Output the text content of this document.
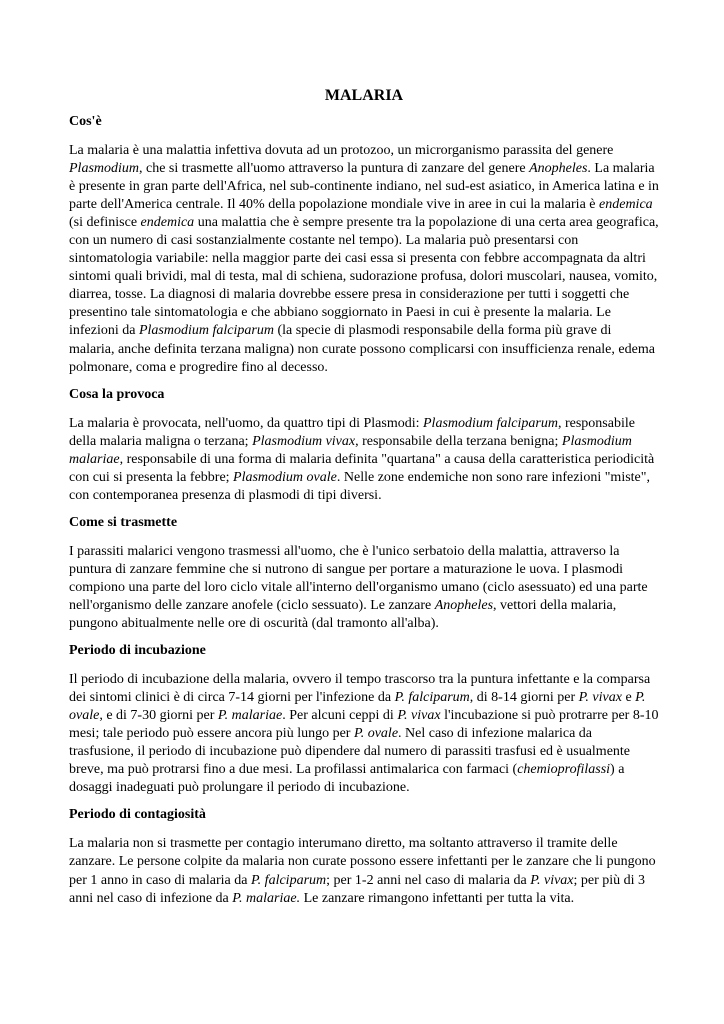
MALARIA
Cos'è

La malaria è una malattia infettiva dovuta ad un protozoo, un microrganismo parassita del genere Plasmodium, che si trasmette all'uomo attraverso la puntura di zanzare del genere Anopheles. La malaria è presente in gran parte dell'Africa, nel sub-continente indiano, nel sud-est asiatico, in America latina e in parte dell'America centrale. Il 40% della popolazione mondiale vive in aree in cui la malaria è endemica (si definisce endemica una malattia che è sempre presente tra la popolazione di una certa area geografica, con un numero di casi sostanzialmente costante nel tempo). La malaria può presentarsi con sintomatologia variabile: nella maggior parte dei casi essa si presenta con febbre accompagnata da altri sintomi quali brividi, mal di testa, mal di schiena, sudorazione profusa, dolori muscolari, nausea, vomito, diarrea, tosse. La diagnosi di malaria dovrebbe essere presa in considerazione per tutti i soggetti che presentino tale sintomatologia e che abbiano soggiornato in Paesi in cui è presente la malaria. Le infezioni da Plasmodium falciparum (la specie di plasmodi responsabile della forma più grave di malaria, anche definita terzana maligna) non curate possono complicarsi con insufficienza renale, edema polmonare, coma e progredire fino al decesso.

Cosa la provoca

La malaria è provocata, nell'uomo, da quattro tipi di Plasmodi: Plasmodium falciparum, responsabile della malaria maligna o terzana; Plasmodium vivax, responsabile della terzana benigna; Plasmodium malariae, responsabile di una forma di malaria definita "quartana" a causa della caratteristica periodicità con cui si presenta la febbre; Plasmodium ovale. Nelle zone endemiche non sono rare infezioni "miste", con contemporanea presenza di plasmodi di tipi diversi.

Come si trasmette

I parassiti malarici vengono trasmessi all'uomo, che è l'unico serbatoio della malattia, attraverso la puntura di zanzare femmine che si nutrono di sangue per portare a maturazione le uova. I plasmodi compiono una parte del loro ciclo vitale all'interno dell'organismo umano (ciclo asessuato) ed una parte nell'organismo delle zanzare anofele (ciclo sessuato). Le zanzare Anopheles, vettori della malaria, pungono abitualmente nelle ore di oscurità (dal tramonto all'alba).

Periodo di incubazione

Il periodo di incubazione della malaria, ovvero il tempo trascorso tra la puntura infettante e la comparsa dei sintomi clinici è di circa 7-14 giorni per l'infezione da P. falciparum, di 8-14 giorni per P. vivax e P. ovale, e di 7-30 giorni per P. malariae. Per alcuni ceppi di P. vivax l'incubazione si può protrarre per 8-10 mesi; tale periodo può essere ancora più lungo per P. ovale. Nel caso di infezione malarica da trasfusione, il periodo di incubazione può dipendere dal numero di parassiti trasfusi ed è usualmente breve, ma può protrarsi fino a due mesi. La profilassi antimalarica con farmaci (chemioprofilassi) a dosaggi inadeguati può prolungare il periodo di incubazione.

Periodo di contagiosità

La malaria non si trasmette per contagio interumano diretto, ma soltanto attraverso il tramite delle zanzare. Le persone colpite da malaria non curate possono essere infettanti per le zanzare che li pungono per 1 anno in caso di malaria da P. falciparum; per 1-2 anni nel caso di malaria da P. vivax; per più di 3 anni nel caso di infezione da P. malariae. Le zanzare rimangono infettanti per tutta la vita.
